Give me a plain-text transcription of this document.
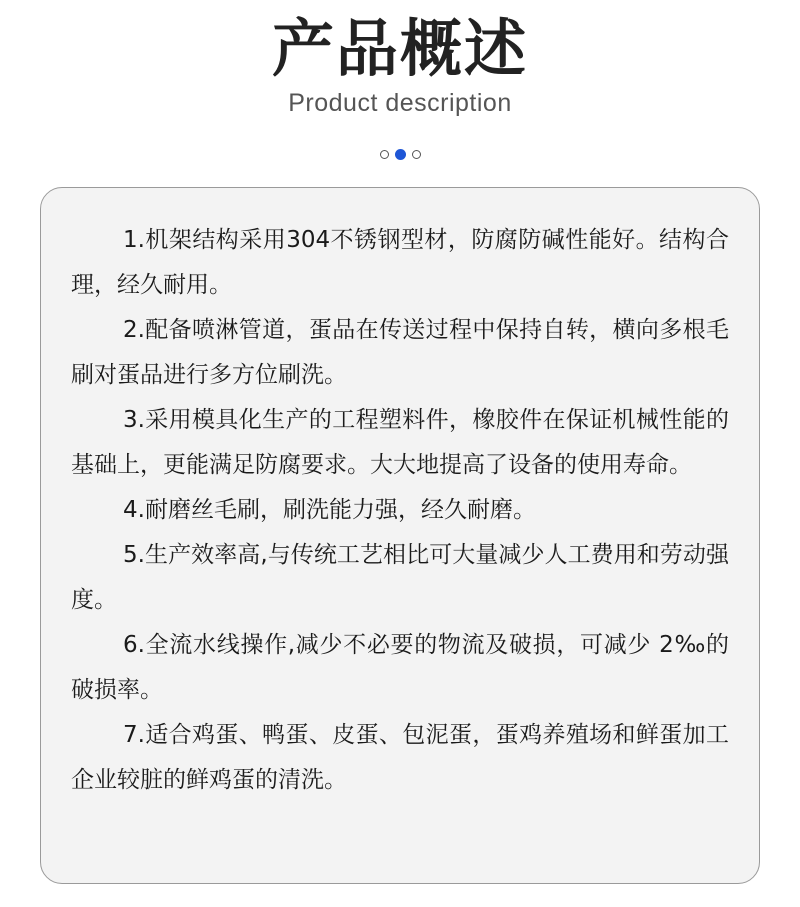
产品概述
Product description

1.机架结构采用304不锈钢型材，防腐防碱性能好。结构合理，经久耐用。

2.配备喷淋管道，蛋品在传送过程中保持自转，横向多根毛刷对蛋品进行多方位刷洗。

3.采用模具化生产的工程塑料件，橡胶件在保证机械性能的基础上，更能满足防腐要求。大大地提高了设备的使用寿命。

4.耐磨丝毛刷，刷洗能力强，经久耐磨。

5.生产效率高,与传统工艺相比可大量减少人工费用和劳动强度。

6.全流水线操作,减少不必要的物流及破损，可减少 2‰的破损率。

7.适合鸡蛋、鸭蛋、皮蛋、包泥蛋，蛋鸡养殖场和鲜蛋加工企业较脏的鲜鸡蛋的清洗。
